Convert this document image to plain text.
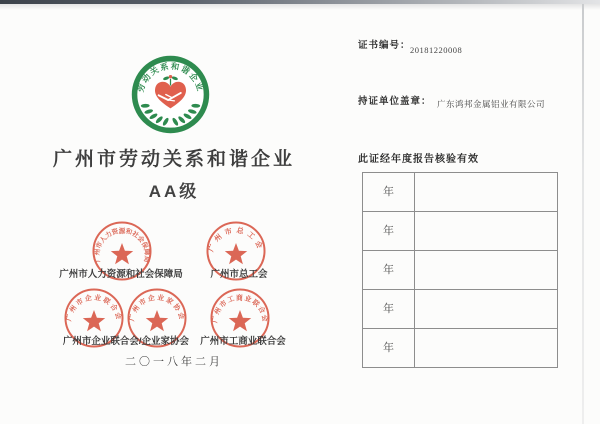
劳动关系和谐企业
广州市劳动关系和谐企业
AA级
广州市人力资源和社会保障局
广州市总工会
广州市企业联合会 广州市企业家协会 广州市工商业联合会
广州市人力资源和社会保障局	广州市总工会
广州市企业联合会/企业家协会	广州市工商业联合会
二〇一八年二月
证书编号： 20181220008
持证单位盖章： 广东鸿邦金属铝业有限公司
此证经年度报告核验有效
年
年
年
年
年
